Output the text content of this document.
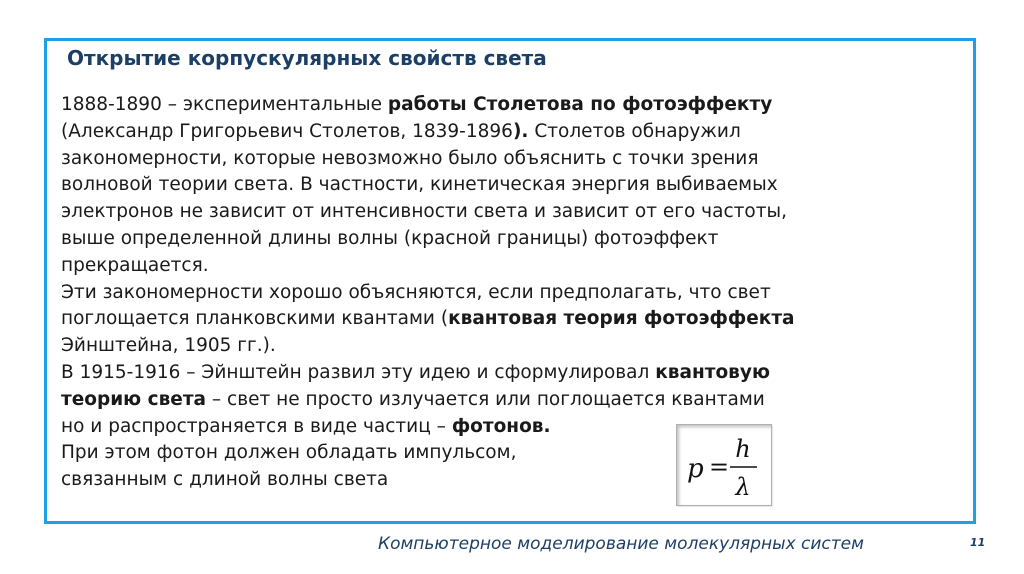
Открытие корпускулярных свойств света
1888-1890 – экспериментальные работы Столетова по фотоэффекту
(Александр Григорьевич Столетов, 1839-1896). Столетов обнаружил
закономерности, которые невозможно было объяснить с точки зрения
волновой теории света. В частности, кинетическая энергия выбиваемых
электронов не зависит от интенсивности света и зависит от его частоты,
выше определенной длины волны (красной границы) фотоэффект
прекращается.
Эти закономерности хорошо объясняются, если предполагать, что свет
поглощается планковскими квантами (квантовая теория фотоэффекта
Эйнштейна, 1905 гг.).
В 1915-1916 – Эйнштейн развил эту идею и сформулировал квантовую
теорию света – свет не просто излучается или поглощается квантами
но и распространяется в виде частиц – фотонов.
При этом фотон должен обладать импульсом,
связанным с длиной волны света	p =
h
λ
Компьютерное моделирование молекулярных систем	11
